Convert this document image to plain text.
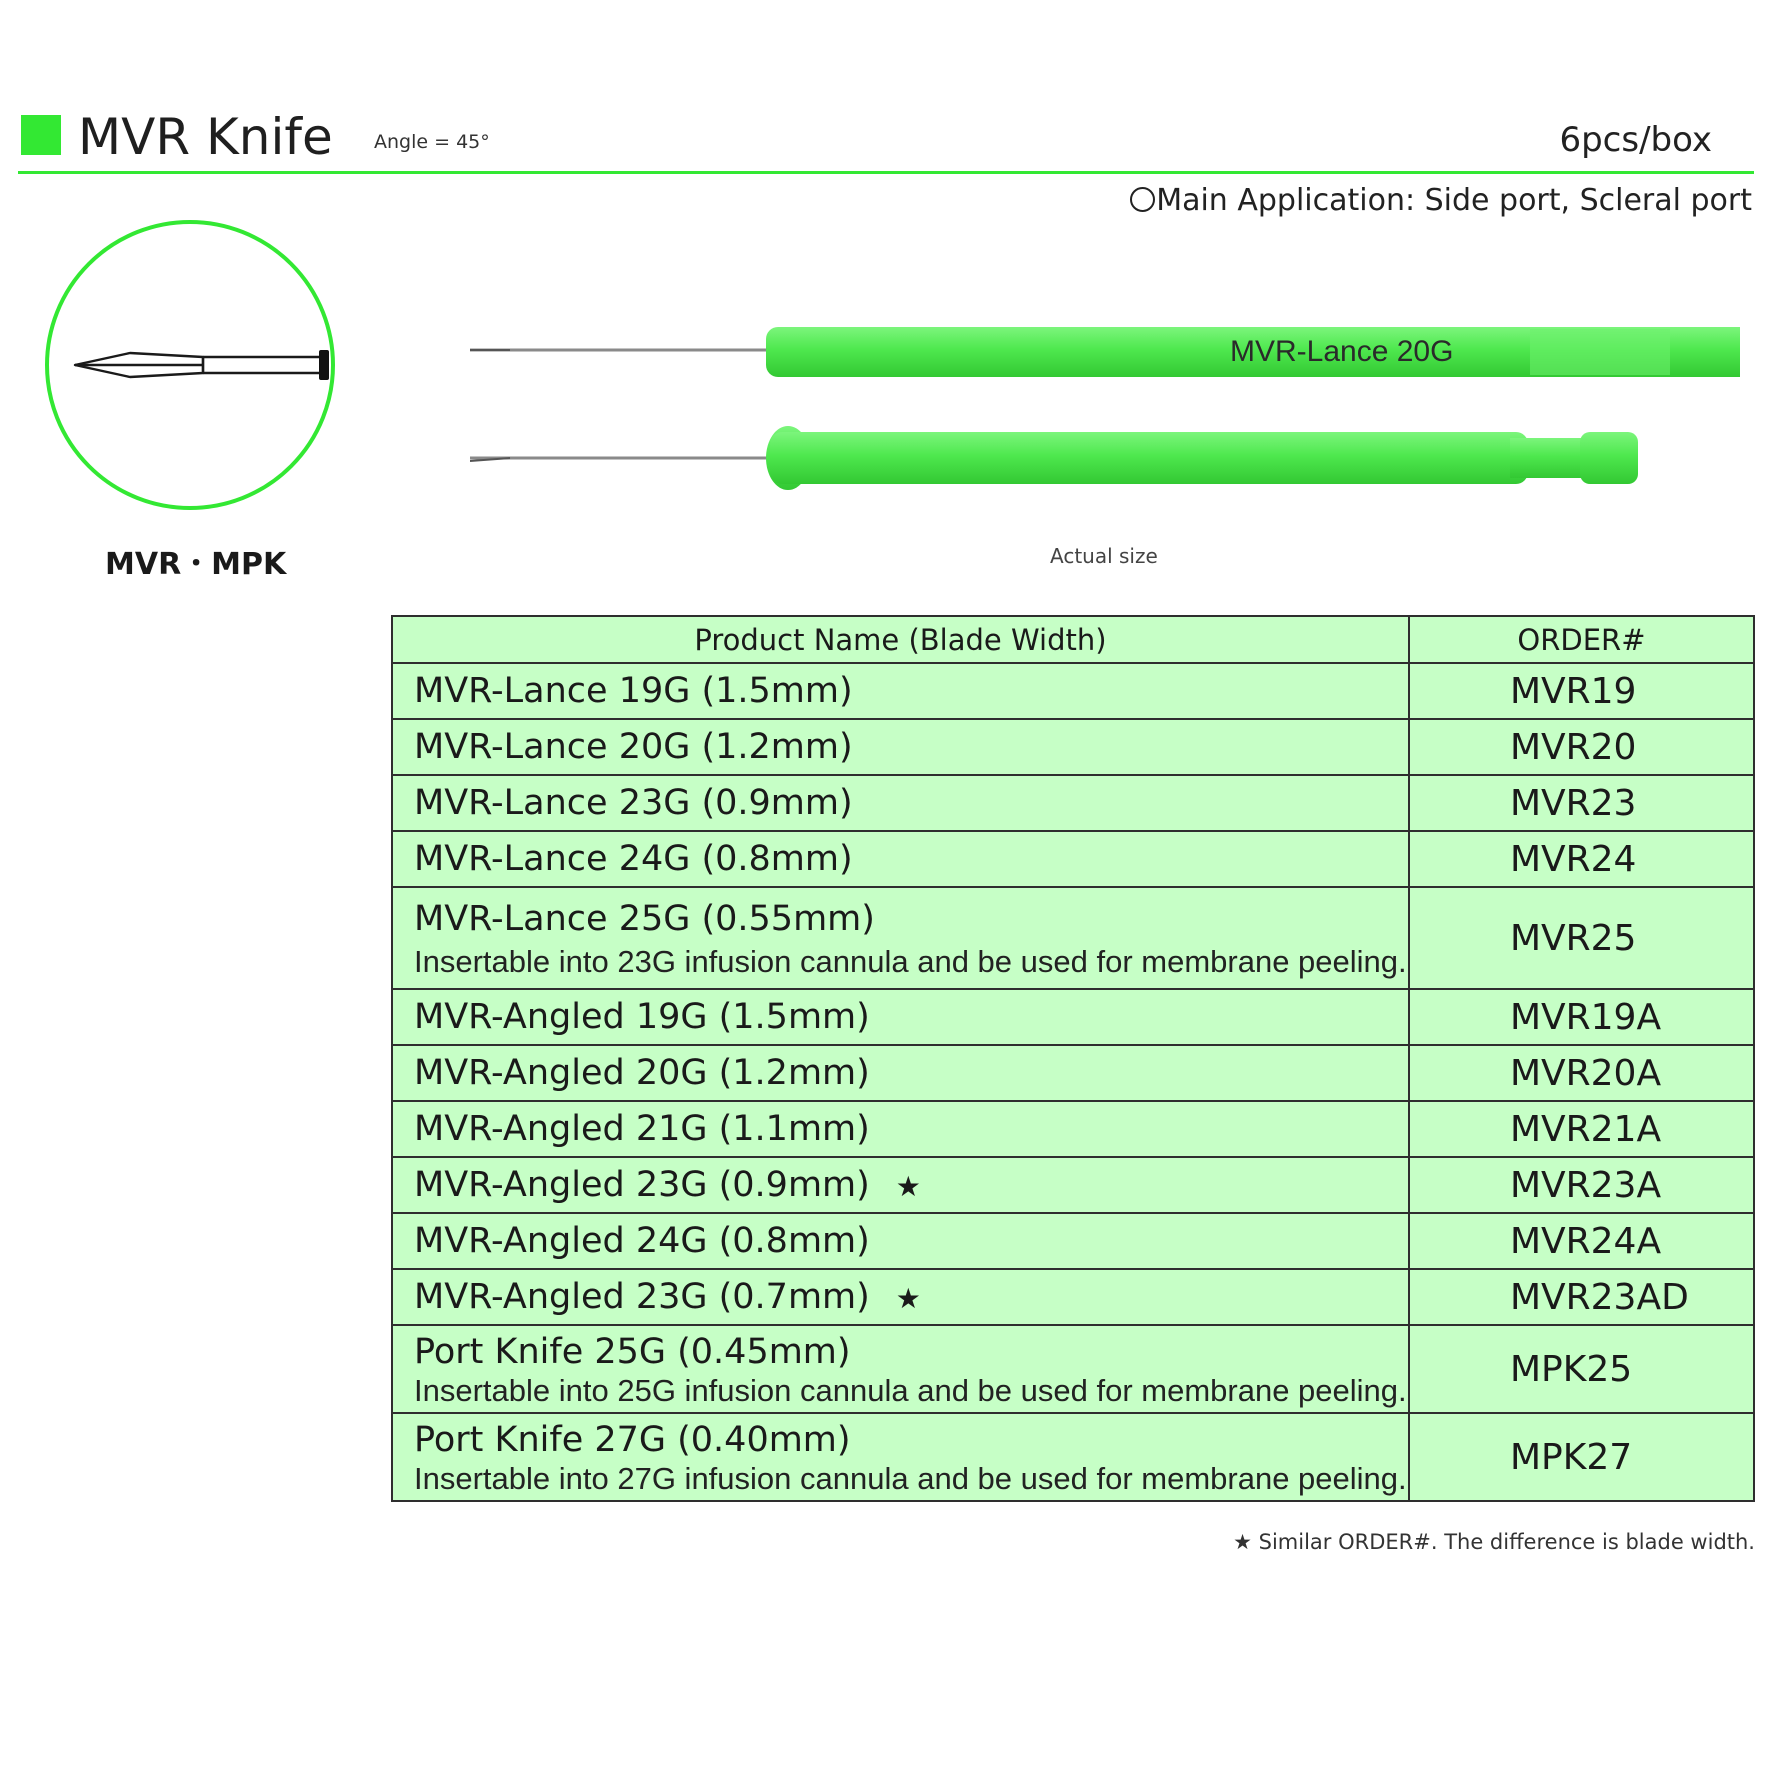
MVR Knife Angle = 45°	6pcs/box
Main Application: Side port, Scleral port
MVR・MPK
MVR-Lance 20G
Actual size
Product Name (Blade Width)	ORDER#
MVR-Lance 19G (1.5mm)	MVR19
MVR-Lance 20G (1.2mm)	MVR20
MVR-Lance 23G (0.9mm)	MVR23
MVR-Lance 24G (0.8mm)	MVR24

MVR-Lance 25G (0.55mm)
Insertable into 23G infusion cannula and be used for membrane peeling.	MVR25
MVR-Angled 19G (1.5mm)	MVR19A
MVR-Angled 20G (1.2mm)	MVR20A
MVR-Angled 21G (1.1mm)	MVR21A
MVR-Angled 23G (0.9mm) ★	MVR23A
MVR-Angled 24G (0.8mm)	MVR24A
MVR-Angled 23G (0.7mm) ★	MVR23AD

Port Knife 25G (0.45mm)
Insertable into 25G infusion cannula and be used for membrane peeling.	MPK25

Port Knife 27G (0.40mm)
Insertable into 27G infusion cannula and be used for membrane peeling.	MPK27
★ Similar ORDER#. The difference is blade width.
